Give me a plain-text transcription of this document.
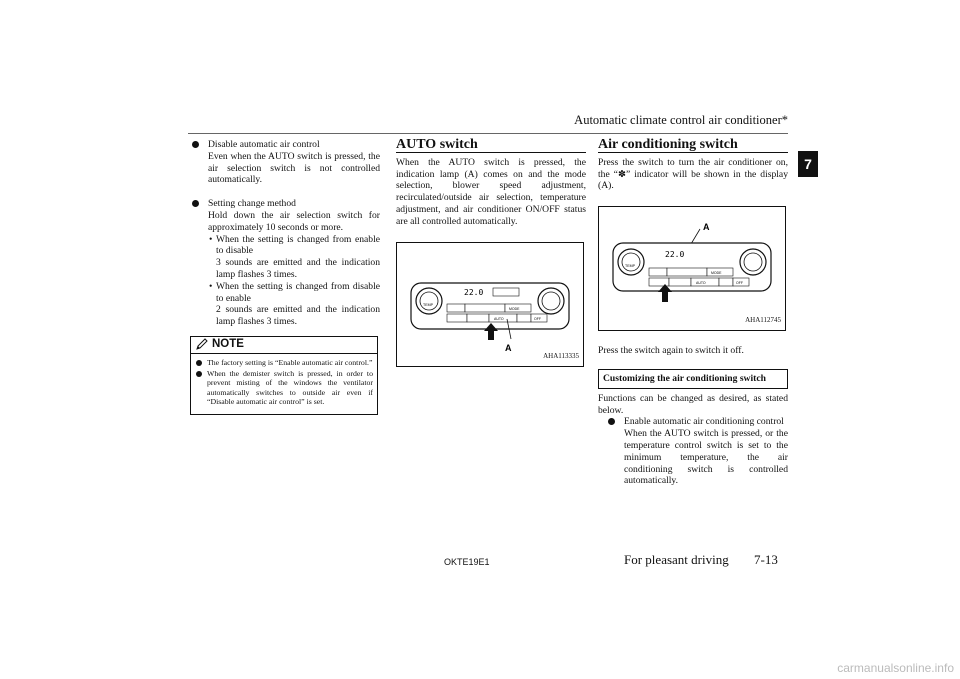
Automatic climate control air conditioner*
7

Disable automatic air control

Even when the AUTO switch is pressed, the air selection switch is not controlled automatically.

Setting change method

Hold down the air selection switch for approximately 10 seconds or more.

• When the setting is changed from enable to disable

3 sounds are emitted and the indication lamp flashes 3 times.

• When the setting is changed from disable to enable

2 sounds are emitted and the indication lamp flashes 3 times.

NOTE
The factory setting is “Enable automatic air control.”
When the demister switch is pressed, in order to prevent misting of the windows the ventilator automatically switches to outside air even if “Disable automatic air control” is set.
AUTO switch

When the AUTO switch is pressed, the indication lamp (A) comes on and the mode selection, blower speed adjustment, recirculated/outside air selection, temperature adjustment, and air conditioner ON/OFF status are all controlled automatically.

TEMP
22.0
MODE
AUTO	OFF
A
AHA113335
Air conditioning switch

Press the switch to turn the air conditioner on, the “✽” indicator will be shown in the display (A).

A
TEMP
22.0
MODE
AUTO	OFF
AHA112745

Press the switch again to switch it off.

Customizing the air conditioning switch

Functions can be changed as desired, as stated below.

Enable automatic air conditioning control

When the AUTO switch is pressed, or the temperature control switch is set to the minimum temperature, the air conditioning switch is controlled automatically.

OKTE19E1	For pleasant driving 7-13
carmanualsonline.info
